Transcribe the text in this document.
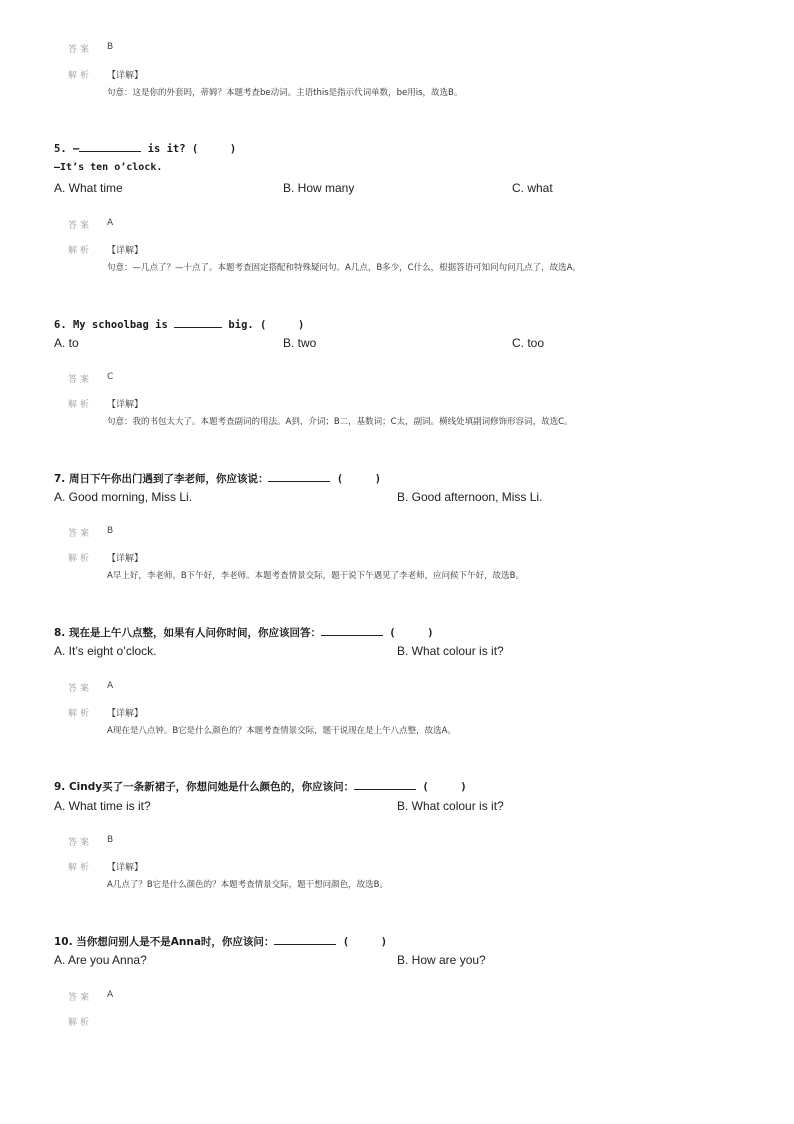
答案 B
解析 【详解】
句意：这是你的外套吗，蒂姆？本题考查be动词。主语this是指示代词单数，be用is，故选B。
5. —	is it? (	)
—It’s ten o’clock.
A. What time	B. How many	C. what
答案 A
解析 【详解】
句意：—几点了？—十点了。本题考查固定搭配和特殊疑问句。A几点，B多少，C什么，根据答语可知问句问几点了，故选A。
6. My schoolbag is	big. (	)
A. to	B. two	C. too
答案 C
解析 【详解】
句意：我的书包太大了。本题考查副词的用法。A到，介词；B二，基数词；C太，副词。横线处填副词修饰形容词，故选C。
7. 周日下午你出门遇到了李老师，你应该说：	(	)
A. Good morning, Miss Li.	B. Good afternoon, Miss Li.
答案 B
解析 【详解】
A早上好，李老师。B下午好，李老师。本题考查情景交际，题干说下午遇见了李老师，应问候下午好，故选B。
8. 现在是上午八点整，如果有人问你时间，你应该回答：	(	)
A. It’s eight o’clock.	B. What colour is it?
答案 A
解析 【详解】
A现在是八点钟。B它是什么颜色的？本题考查情景交际，题干说现在是上午八点整，故选A。
9. Cindy买了一条新裙子，你想问她是什么颜色的，你应该问：	(	)
A. What time is it?	B. What colour is it?
答案 B
解析 【详解】
A几点了？B它是什么颜色的？本题考查情景交际，题干想问颜色，故选B。
10. 当你想问别人是不是Anna时，你应该问：	(	)
A. Are you Anna?	B. How are you?
答案 A
解析
